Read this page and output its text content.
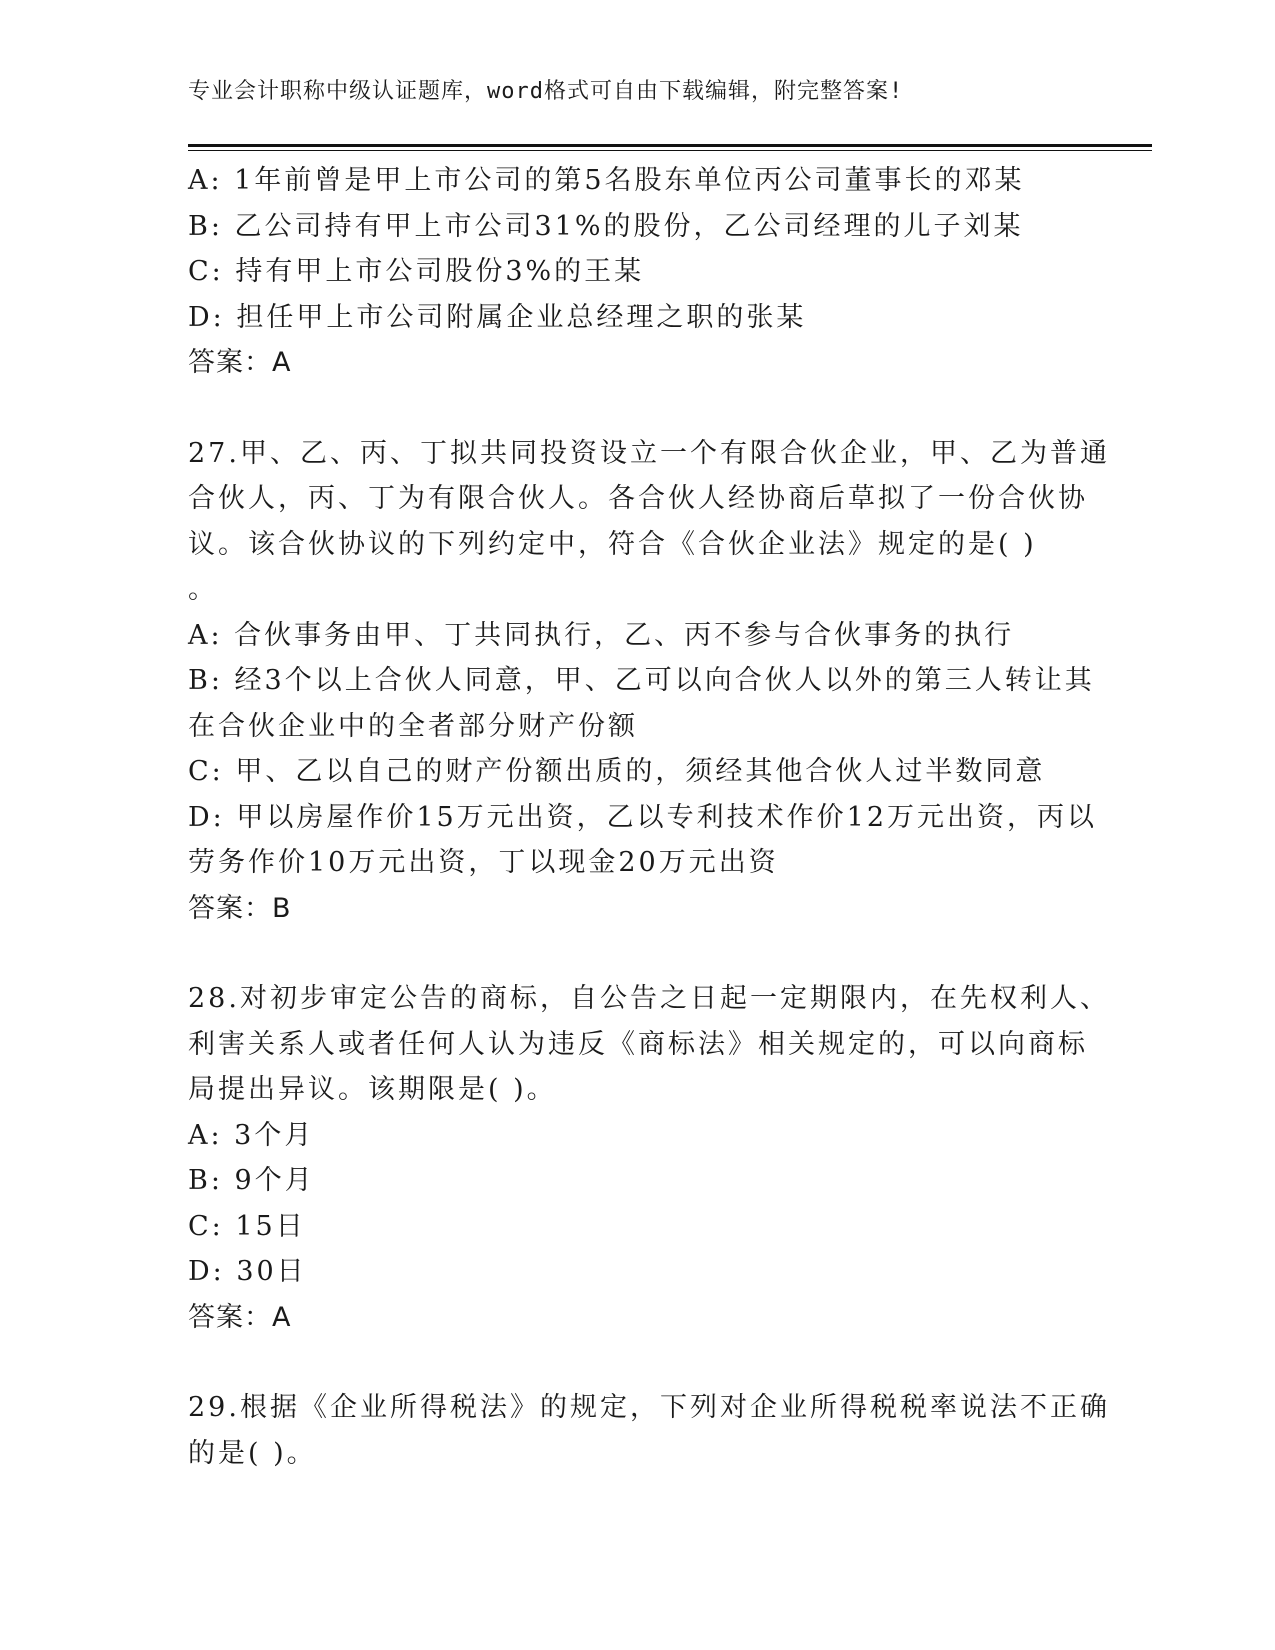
专业会计职称中级认证题库，word格式可自由下载编辑，附完整答案!
A: 1年前曾是甲上市公司的第5名股东单位丙公司董事长的邓某
B: 乙公司持有甲上市公司31%的股份，乙公司经理的儿子刘某
C: 持有甲上市公司股份3%的王某
D: 担任甲上市公司附属企业总经理之职的张某
答案：A
27.甲、乙、丙、丁拟共同投资设立一个有限合伙企业，甲、乙为普通
合伙人，丙、丁为有限合伙人。各合伙人经协商后草拟了一份合伙协
议。该合伙协议的下列约定中，符合《合伙企业法》规定的是( )
。
A: 合伙事务由甲、丁共同执行，乙、丙不参与合伙事务的执行
B: 经3个以上合伙人同意，甲、乙可以向合伙人以外的第三人转让其
在合伙企业中的全者部分财产份额
C: 甲、乙以自己的财产份额出质的，须经其他合伙人过半数同意
D: 甲以房屋作价15万元出资，乙以专利技术作价12万元出资，丙以
劳务作价10万元出资，丁以现金20万元出资
答案：B
28.对初步审定公告的商标，自公告之日起一定期限内，在先权利人、
利害关系人或者任何人认为违反《商标法》相关规定的，可以向商标
局提出异议。该期限是( )。
A: 3个月
B: 9个月
C: 15日
D: 30日
答案：A
29.根据《企业所得税法》的规定，下列对企业所得税税率说法不正确
的是( )。
